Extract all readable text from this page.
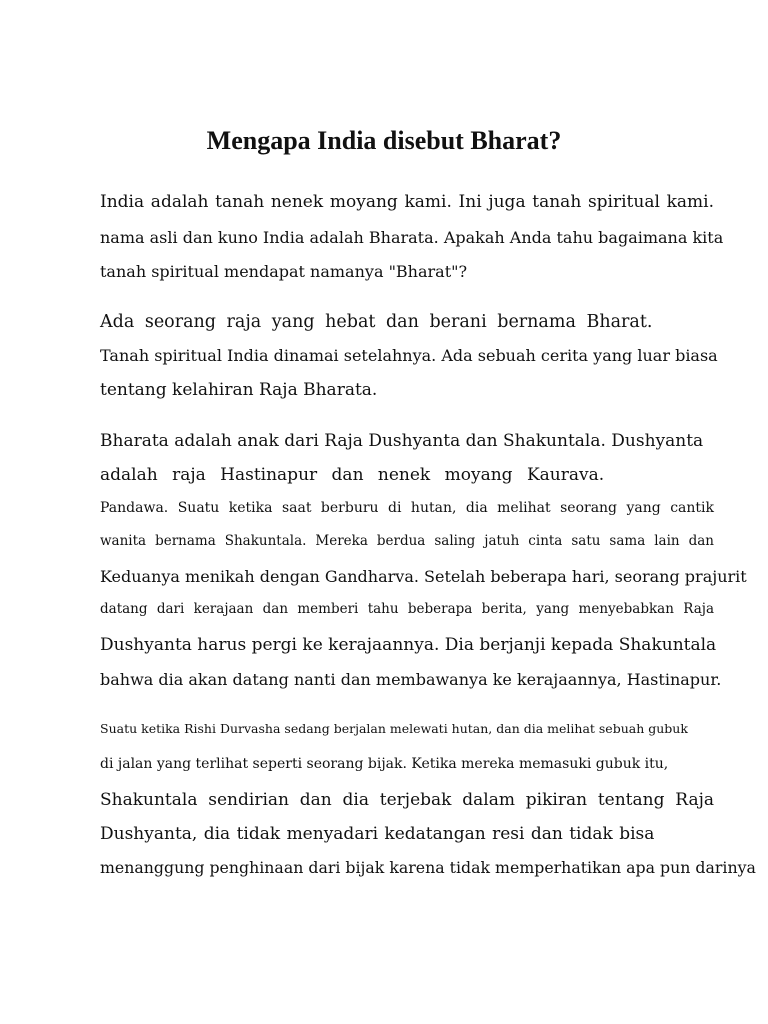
Mengapa India disebut Bharat?

India adalah tanah nenek moyang kami. Ini juga tanah spiritual kami.

nama asli dan kuno India adalah Bharata. Apakah Anda tahu bagaimana kita

tanah spiritual mendapat namanya "Bharat"?

Ada seorang raja yang hebat dan berani bernama Bharat.

Tanah spiritual India dinamai setelahnya. Ada sebuah cerita yang luar biasa

tentang kelahiran Raja Bharata.

Bharata adalah anak dari Raja Dushyanta dan Shakuntala. Dushyanta

adalah raja Hastinapur dan nenek moyang Kaurava.

Pandawa. Suatu ketika saat berburu di hutan, dia melihat seorang yang cantik

wanita bernama Shakuntala. Mereka berdua saling jatuh cinta satu sama lain dan

Keduanya menikah dengan Gandharva. Setelah beberapa hari, seorang prajurit

datang dari kerajaan dan memberi tahu beberapa berita, yang menyebabkan Raja

Dushyanta harus pergi ke kerajaannya. Dia berjanji kepada Shakuntala

bahwa dia akan datang nanti dan membawanya ke kerajaannya, Hastinapur.

Suatu ketika Rishi Durvasha sedang berjalan melewati hutan, dan dia melihat sebuah gubuk

di jalan yang terlihat seperti seorang bijak. Ketika mereka memasuki gubuk itu,

Shakuntala sendirian dan dia terjebak dalam pikiran tentang Raja

Dushyanta, dia tidak menyadari kedatangan resi dan tidak bisa

menanggung penghinaan dari bijak karena tidak memperhatikan apa pun darinya
